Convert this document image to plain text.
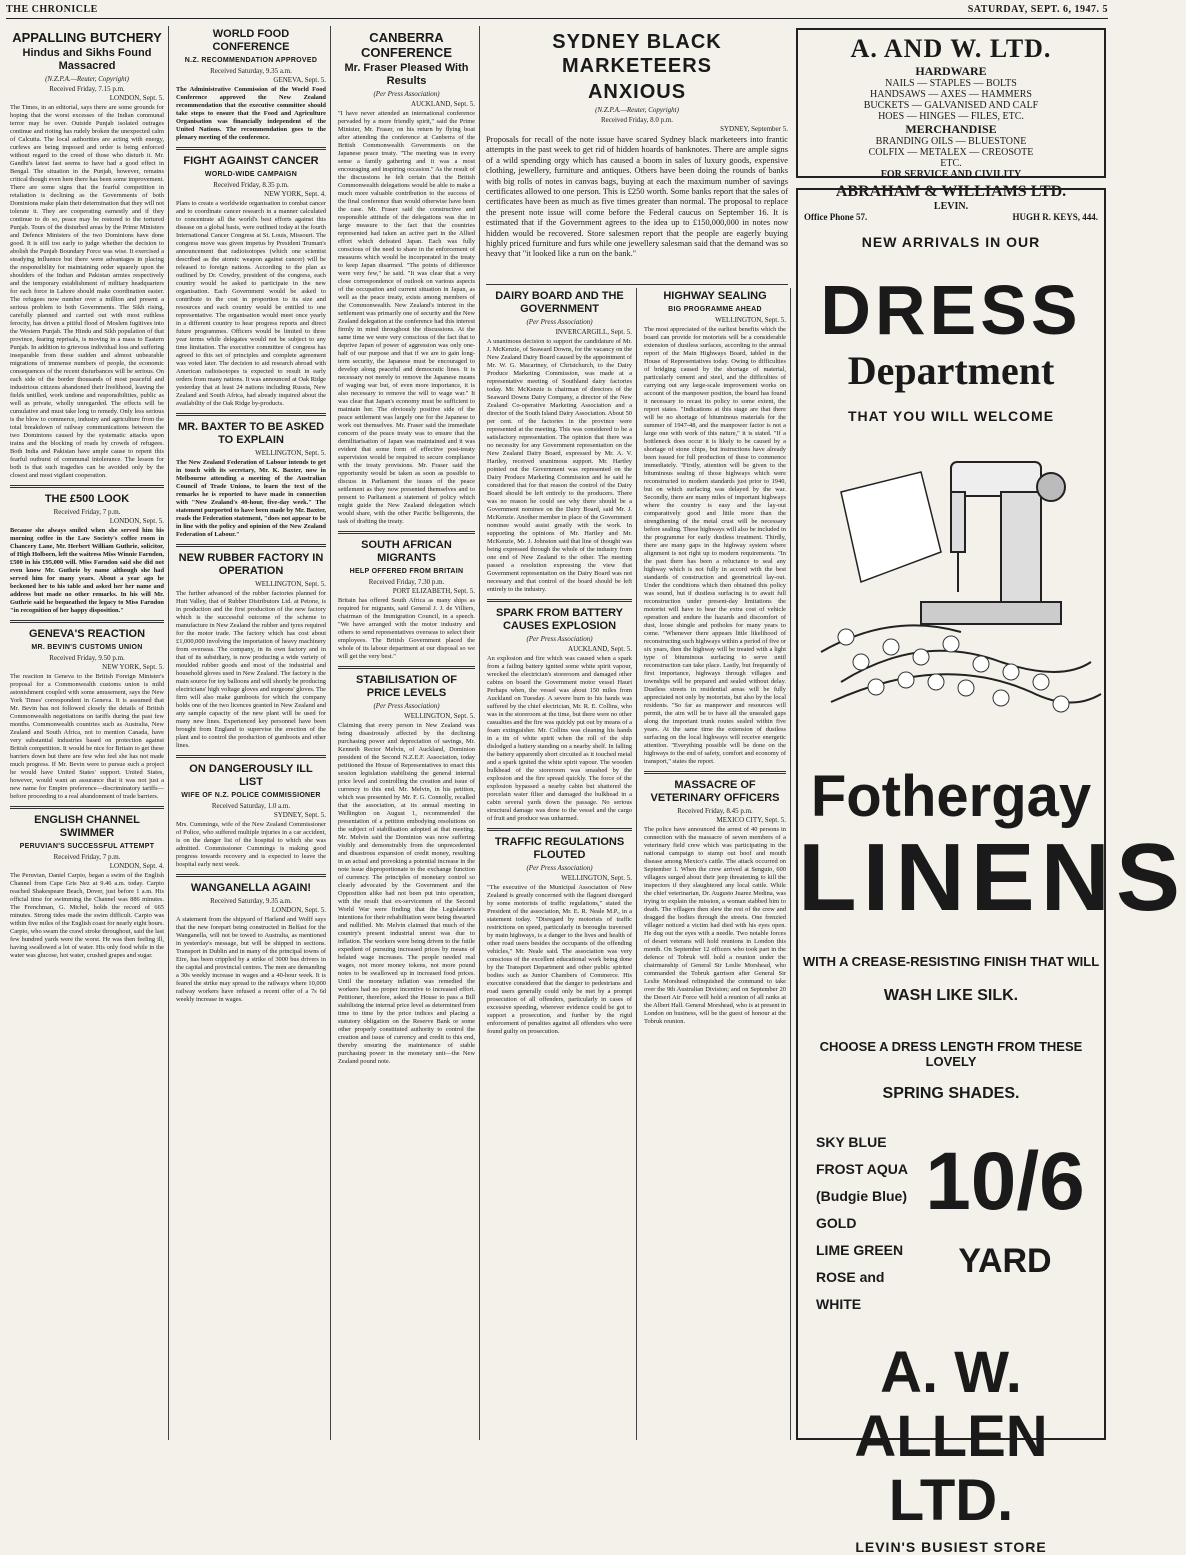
THE CHRONICLE	SATURDAY, SEPT. 6, 1947. 5
APPALLING BUTCHERY
Hindus and Sikhs Found Massacred
(N.Z.P.A.—Reuter, Copyright)
Received Friday, 7.15 p.m.
LONDON, Sept. 5.
The Times, in an editorial, says there are some grounds for hoping that the worst excesses of the Indian communal terror may be over. Outside Punjab isolated outrages continue and rioting has rudely broken the unexpected calm of Calcutta. The local authorities are acting with energy, curfews are being imposed and order is being enforced without regard to the creed of those who disturb it. Mr. Gandhi's latest fast seems to have had a good effect in Bengal. The situation in the Punjab, however, remains critical though even here there has been some improvement. There are some signs that the fearful competition in retaliation is declining as the Governments of both Dominions make plain their determination that they will not tolerate it. They are cooperating earnestly and if they continue to do so, peace may be restored to the tortured Punjab. Tours of the disturbed areas by the Prime Ministers and Defence Ministers of the two Dominions have done good. It is still too early to judge whether the decision to abolish the Punjab Boundary Force was wise. It exercised a steadying influence but there were advantages in placing the responsibility for maintaining order squarely upon the shoulders of the Indian and Pakistan armies respectively and the temporary establishment of military headquarters for each force in Lahore should make coordination easier. The refugees now number over a million and present a serious problem to both Governments. The Sikh rising, carefully planned and carried out with most ruthless ferocity, has driven a pitiful flood of Moslem fugitives into the Western Punjab. The Hindu and Sikh population of that province, fearing reprisals, is moving in a mass to Eastern Punjab. In addition to grievous individual loss and suffering inseparable from these sudden and almost unbearable migrations of immense numbers of people, the economic consequences of the recent disturbances will be serious. On each side of the border thousands of most peaceful and industrious citizens abandoned their livelihood, leaving the fields untilled, work undone and responsibilities, public as well as private, wholly unregarded. The effects will be cumulative and must take long to remedy. Only less serious is the blow to commerce, industry and agriculture from the total breakdown of railway communications between the two Dominions caused by the systematic attacks upon trains and the blocking of roads by crowds of refugees. Both India and Pakistan have ample cause to repent this fearful outburst of communal intolerance. The lesson for both is that such tragedies can be avoided only by the closest and most vigilant cooperation.
THE £500 LOOK
Received Friday, 7 p.m.
LONDON, Sept. 5.
Because she always smiled when she served him his morning coffee in the Law Society's coffee room in Chancery Lane, Mr. Herbert William Guthrie, solicitor, of High Holborn, left the waitress Miss Winnie Farndon, £500 in his £95,000 will. Miss Farndon said she did not even know Mr. Guthrie by name although she had served him for many years. About a year ago he beckoned her to his table and asked her her name and address but made no other remarks. In his will Mr. Guthrie said he bequeathed the legacy to Miss Farndon "in recognition of her happy disposition."
GENEVA'S REACTION
MR. BEVIN'S CUSTOMS UNION
Received Friday, 9.50 p.m.
NEW YORK, Sept. 5.
The reaction in Geneva to the British Foreign Minister's proposal for a Commonwealth customs union is mild astonishment coupled with some amusement, says the New York Times' correspondent in Geneva. It is assumed that Mr. Bevin has not followed closely the details of British Commonwealth negotiations on tariffs during the past few months. Commonwealth countries such as Australia, New Zealand and South Africa, not to mention Canada, have very substantial industries based on protection against British competition. It would be nice for Britain to get these barriers down but there are few who feel she has not made much progress. If Mr. Bevin were to pursue such a project he would have United States' support. United States, however, would want an assurance that it was not just a new name for Empire preference—discriminatory tariffs—before proceeding to a real abandonment of trade barriers.
ENGLISH CHANNEL SWIMMER
PERUVIAN'S SUCCESSFUL ATTEMPT
Received Friday, 7 p.m.
LONDON, Sept. 4.
The Peruvian, Daniel Carpio, began a swim of the English Channel from Cape Gris Nez at 9.46 a.m. today. Carpio reached Shakespeare Beach, Dover, just before 1 a.m. His official time for swimming the Channel was 886 minutes. The Frenchman, G. Michel, holds the record of 665 minutes. Strong tides made the swim difficult. Carpio was within five miles of the English coast for nearly eight hours. Carpio, who swam the crawl stroke throughout, said the last few hundred yards were the worst. He was then feeling ill, having swallowed a lot of water. His only food while in the water was glucose, hot water, crushed grapes and sugar.
WORLD FOOD CONFERENCE
N.Z. RECOMMENDATION APPROVED
Received Saturday, 9.35 a.m.
GENEVA, Sept. 5.
The Administrative Commission of the World Food Conference approved the New Zealand recommendation that the executive committee should take steps to ensure that the Food and Agriculture Organisation was financially independent of the United Nations. The recommendation goes to the plenary meeting of the conference.
FIGHT AGAINST CANCER
WORLD-WIDE CAMPAIGN
Received Friday, 8.35 p.m.
NEW YORK, Sept. 4.
Plans to create a worldwide organisation to combat cancer and to coordinate cancer research in a manner calculated to concentrate all the world's best efforts against this disease on a global basis, were outlined today at the fourth International Cancer Congress at St. Louis, Missouri. The congress move was given impetus by President Truman's announcement that radioisotopes (which one scientist described as the atomic weapon against cancer) will be released to foreign nations. According to the plan as outlined by Dr. Cowdry, president of the congress, each country would be asked to participate in the new organisation. Each Government would be asked to contribute to the cost in proportion to its size and resources and each country would be entitled to one representative. The organisation would meet once yearly in a different country to hear progress reports and direct future programmes. Officers would be limited to three year terms while delegates would not be subject to any time limitation. The executive committee of congress has agreed to this set of principles and complete agreement was voted later. The decision to aid research abroad with American radioisotopes is expected to result in early orders from many nations. It was announced at Oak Ridge yesterday that at least 24 nations including Russia, New Zealand and South Africa, had already inquired about the availability of the Oak Ridge by-products.
MR. BAXTER TO BE ASKED TO EXPLAIN
WELLINGTON, Sept. 5.
The New Zealand Federation of Labour intends to get in touch with its secretary, Mr. K. Baxter, now in Melbourne attending a meeting of the Australian Council of Trade Unions, to learn the text of the remarks he is reported to have made in connection with "New Zealand's 40-hour, five-day week." The statement purported to have been made by Mr. Baxter, reads the Federation statement, "does not appear to be in line with the policy and opinion of the New Zealand Federation of Labour."
NEW RUBBER FACTORY IN OPERATION
WELLINGTON, Sept. 5.
The further advanced of the rubber factories planned for Hutt Valley, that of Rubber Distributors Ltd. at Petone, is in production and the first production of the new factory which is the successful outcome of the scheme to manufacture in New Zealand the rubber and tyres required for the motor trade. The factory which has cost about £1,000,000 involving the importation of heavy machinery from overseas. The company, in its own factory and in that of its subsidiary, is now producing a wide variety of moulded rubber goods and most of the industrial and household gloves used in New Zealand. The factory is the main source for toy balloons and will shortly be producing electricians' high voltage gloves and surgeons' gloves. The firm will also make gumboots for which the company holds one of the two licences granted in New Zealand and any sample capacity of the new plant will be used for many new lines. Experienced key personnel have been brought from England to supervise the erection of the plant and to control the production of gumboots and other lines.
ON DANGEROUSLY ILL LIST
WIFE OF N.Z. POLICE COMMISSIONER
Received Saturday, 1.0 a.m.
SYDNEY, Sept. 5.
Mrs. Cummings, wife of the New Zealand Commissioner of Police, who suffered multiple injuries in a car accident, is on the danger list of the hospital to which she was admitted. Commissioner Cummings is making good progress towards recovery and is expected to leave the hospital early next week.
WANGANELLA AGAIN!
Received Saturday, 9.35 a.m.
LONDON, Sept. 5.
A statement from the shipyard of Harland and Wolff says that the new forepart being constructed in Belfast for the Wanganella, will not be towed to Australia, as mentioned in yesterday's message, but will be shipped in sections. Transport in Dublin and in many of the principal towns of Eire, has been crippled by a strike of 3000 bus drivers in the capital and provincial centres. The men are demanding a 30s weekly increase in wages and a 40-hour week. It is feared the strike may spread to the railways where 10,000 railway workers have refused a recent offer of a 7s 6d weekly increase in wages.
CANBERRA CONFERENCE
Mr. Fraser Pleased With Results
(Per Press Association)
AUCKLAND, Sept. 5.
"I have never attended an international conference pervaded by a more friendly spirit," said the Prime Minister, Mr. Fraser, on his return by flying boat after attending the conference at Canberra of the British Commonwealth Governments on the Japanese peace treaty. "The meeting was in every sense a family gathering and it was a most encouraging and inspiring occasion." As the result of the discussions he felt certain that the British Commonwealth delegations would be able to make a much more valuable contribution to the success of the final conference than would otherwise have been the case. Mr. Fraser said the constructive and responsible attitude of the delegations was due in large measure to the fact that the countries represented had taken an active part in the Allied effort which defeated Japan. Each was fully conscious of the need to share in the enforcement of measures which would be incorporated in the treaty to keep Japan disarmed. "The points of difference were very few," he said. "It was clear that a very close correspondence of outlook on various aspects of the occupation and current situation in Japan, as well as the peace treaty, exists among members of the Commonwealth. New Zealand's interest in the settlement was primarily one of security and the New Zealand delegation at the conference had this interest firmly in mind throughout the discussions. At the same time we were very conscious of the fact that to deprive Japan of power of aggression was only one-half of our purpose and that if we are to gain long-term security, the Japanese must be encouraged to develop along peaceful and democratic lines. It is necessary not merely to remove the Japanese means of waging war but, of even more importance, it is also necessary to remove the will to wage war." It was clear that Japan's economy must be sufficient to maintain her. The obviously positive side of the peace settlement was largely one for the Japanese to work out themselves. Mr. Fraser said the immediate concern of the peace treaty was to ensure that the demilitarisation of Japan was maintained and it was evident that some form of effective post-treaty supervision would be required to secure compliance with the treaty provisions. Mr. Fraser said the opportunity would be taken as soon as possible to discuss in Parliament the issues of the peace settlement as they now presented themselves and to present to Parliament a statement of policy which might guide the New Zealand delegation which would share, with the other Pacific belligerents, the task of drafting the treaty.
SOUTH AFRICAN MIGRANTS
HELP OFFERED FROM BRITAIN
Received Friday, 7.30 p.m.
PORT ELIZABETH, Sept. 5.
Britain has offered South Africa as many ships as required for migrants, said General J. J. de Villiers, chairman of the Immigration Council, in a speech. "We have arranged with the motor industry and others to send representatives overseas to select their employees. The British Government placed the whole of its labour department at our disposal so we will get the very best."
STABILISATION OF PRICE LEVELS
(Per Press Association)
WELLINGTON, Sept. 5.
Claiming that every person in New Zealand was being disastrously affected by the declining purchasing power and depreciation of savings, Mr. Kenneth Rector Melvin, of Auckland, Dominion president of the Second N.Z.E.F. Association, today petitioned the House of Representatives to enact this session legislation stabilising the general internal price level and controlling the creation and issue of currency to this end. Mr. Melvin, in his petition, which was presented by Mr. F. G. Connolly, recalled that the association, at its annual meeting in Wellington on August 1, recommended the presentation of a petition embodying resolutions on the subject of stabilisation adopted at that meeting. Mr. Melvin said the Dominion was now suffering visibly and demonstrably from the unprecedented and disastrous expansion of credit money, resulting in an actual and provoking a potential increase in the note issue disproportionate to the exchange function of currency. The principles of monetary control so clearly advocated by the Government and the Opposition alike had not been put into operation, with the result that ex-servicemen of the Second World War were finding that the Legislature's intentions for their rehabilitation were being thwarted and nullified. Mr. Melvin claimed that much of the country's present industrial unrest was due to inflation. The workers were being driven to the futile expedient of pursuing increased prices by means of belated wage increases. The people needed real wages, not more money tokens, not more pound notes to be swallowed up in increased food prices. Until the monetary inflation was remedied the workers had no proper incentive to increased effort. Petitioner, therefore, asked the House to pass a Bill stabilising the internal price level as determined from time to time by the price indices and placing a statutory obligation on the Reserve Bank or some other properly constituted authority to control the creation and issue of currency and credit to this end, thereby ensuring the maintenance of stable purchasing power in the monetary unit—the New Zealand pound note.
SYDNEY BLACK MARKETEERS
ANXIOUS
(N.Z.P.A.—Reuter, Copyright)
Received Friday, 8.0 p.m.
SYDNEY, September 5.
Proposals for recall of the note issue have scared Sydney black marketeers into frantic attempts in the past week to get rid of hidden hoards of banknotes. There are ample signs of a wild spending orgy which has caused a boom in sales of luxury goods, expensive clothing, jewellery, furniture and antiques. Others have been doing the rounds of banks with big rolls of notes in canvas bags, buying at each the maximum number of savings certificates allowed to one person. This is £250 worth. Some banks report that the sales of certificates have been as much as five times greater than normal. The proposal to replace the present note issue will come before the Federal caucus on September 16. It is estimated that if the Government agrees to the idea up to £150,000,000 in notes now hidden would be recovered. Store salesmen report that the people are eagerly buying highly priced furniture and furs while one jewellery salesman said that the demand was so heavy that "it looked like a run on the bank."
DAIRY BOARD AND THE GOVERNMENT
(Per Press Association)
INVERCARGILL, Sept. 5.
A unanimous decision to support the candidature of Mr. J. McKenzie, of Seaward Downs, for the vacancy on the New Zealand Dairy Board caused by the appointment of Mr. W. G. Macartney, of Christchurch, to the Dairy Produce Marketing Commission, was made at a representative meeting of Southland dairy factories today. Mr. McKenzie is chairman of directors of the Seaward Downs Dairy Company, a director of the New Zealand Co-operative Marketing Association and a director of the South Island Dairy Association. About 50 per cent. of the factories in the province were represented at the meeting. This was considered to be a satisfactory representation. The opinion that there was no necessity for any Government representation on the New Zealand Dairy Board, expressed by Mr. A. V. Hartley, received unanimous support. Mr. Hartley pointed out the Government was represented on the Dairy Produce Marketing Commission and he said he considered that for that reason the control of the Dairy Board should be left entirely to the producers. There was no reason he could see why there should be a Government nominee on the Dairy Board, said Mr. J. McKenzie. Another member in place of the Government nominee would assist greatly with the work. In supporting the opinions of Mr. Hartley and Mr. McKenzie, Mr. J. Johnston said that line of thought was being expressed through the whole of the industry from one end of New Zealand to the other. The meeting passed a resolution expressing the view that Government representation on the Dairy Board was not necessary and that control of the board should be left entirely to the industry.
SPARK FROM BATTERY CAUSES EXPLOSION
(Per Press Association)
AUCKLAND, Sept. 5.
An explosion and fire which was caused when a spark from a failing battery ignited some white spirit vapour, wrecked the electrician's storeroom and damaged other cabins on board the Government motor vessel Hauri Perhaps when, the vessel was about 150 miles from Auckland on Tuesday. A severe burn to his hands was suffered by the chief electrician, Mr. R. E. Collins, who was in the storeroom at the time, but there were no other casualties and the fire was quickly put out by means of a foam extinguisher. Mr. Collins was cleaning his hands in a tin of white spirit when the roll of the ship dislodged a battery standing on a nearby shelf. In falling the battery apparently short circuited as it touched metal and a spark ignited the white spirit vapour. The wooden bulkhead of the storeroom was smashed by the explosion and the fire spread quickly. The force of the explosion bypassed a nearby cabin but shattered the porcelain water filter and damaged the bulkhead in a cabin several yards down the passage. No serious structural damage was done to the vessel and the cargo of fruit and produce was unharmed.
TRAFFIC REGULATIONS FLOUTED
(Per Press Association)
WELLINGTON, Sept. 5.
"The executive of the Municipal Association of New Zealand is greatly concerned with the flagrant disregard by some motorists of traffic regulations," stated the President of the association, Mr. E. R. Neale M.P., in a statement today. "Disregard by motorists of traffic restrictions on speed, particularly in boroughs traversed by main highways, is a danger to the lives and health of other road users besides the occupants of the offending vehicles," Mr. Neale said. The association was very conscious of the excellent educational work being done by the Transport Department and other public spirited bodies such as Junior Chambers of Commerce. His executive considered that the danger to pedestrians and road users generally could only be met by a prompt prosecution of all offenders, particularly in cases of excessive speeding, wherever evidence could be got to support a prosecution, and further by the rigid enforcement of penalties against all offenders who were found guilty on prosecution.
HIGHWAY SEALING
BIG PROGRAMME AHEAD
WELLINGTON, Sept. 5.
The most appreciated of the earliest benefits which the board can provide for motorists will be a considerable extension of dustless surfaces, according to the annual report of the Main Highways Board, tabled in the House of Representatives today. Owing to difficulties of bridging caused by the shortage of material, particularly cement and steel, and the difficulties of carrying out any large-scale improvement works on account of the manpower position, the board has found it necessary to recast its policy to some extent, the report states. "Indications at this stage are that there will be no shortage of bituminous materials for the summer of 1947-48, and the manpower factor is not a large one with work of this nature," it is stated. "If a bottleneck does occur it is likely to be caused by a shortage of stone chips, but instructions have already been issued for full production of these to commence immediately. "Firstly, attention will be given to the bituminous sealing of those highways which were reconstructed to modern standards just prior to 1940, but on which surfacing was delayed by the war. Secondly, there are many miles of important highways where the country is easy and the lay-out comparatively good and little more than the strengthening of the metal crust will be necessary before sealing. These highways will also be included in the programme for early dustless treatment. Thirdly, there are many gaps in the highway system where alignment is not right up to modern requirements. "In the past there has been a reluctance to seal any highway which is not fully in accord with the best standards of construction and geometrical lay-out. Under the conditions which then obtained this policy was sound, but if dustless surfacing is to await full reconstruction under present-day limitations the motorist will have to bear the extra cost of vehicle operation and endure the hazards and discomfort of dust, loose shingle and potholes for many years to come. "Whenever there appears little likelihood of reconstructing such highways within a period of five or six years, then the highway will be treated with a light type of bituminous surfacing to serve until reconstruction can take place. Lastly, but frequently of first importance, highways through villages and townships will be prepared and sealed without delay. Dustless streets in residential areas will be fully appreciated not only by motorists, but also by the local residents. "So far as manpower and resources will permit, the aim will be to have all the unsealed gaps along the important trunk routes sealed within five years. At the same time the extension of dustless surfacing on the local highways will receive energetic attention. "Everything possible will be done on the highways to the end of safety, comfort and economy of transport," states the report.
MASSACRE OF VETERINARY OFFICERS
Received Friday, 8.45 p.m.
MEXICO CITY, Sept. 5.
The police have announced the arrest of 40 persons in connection with the massacre of seven members of a veterinary field crew which was participating in the national campaign to stamp out hoof and mouth disease among Mexico's cattle. The attack occurred on September 1. When the crew arrived at Senguio, 600 villagers surged about their jeep threatening to kill the inspectors if they slaughtered any local cattle. While the chief veterinarian, Dr. Augusto Juarez Medina, was trying to explain the mission, a woman stabbed him to death. The villagers then slew the rest of the crew and dragged the bodies through the streets. One frenzied villager noticed a victim had died with his eyes open. He dug out the eyes with a needle. Two notable forces of desert veterans will hold reunions in London this month. On September 12 officers who took part in the defence of Tobruk will hold a reunion under the chairmanship of General Sir Leslie Morshead, who commanded the Tobruk garrison after General Sir Leslie Morshead relinquished the command to take over the 9th Australian Division; and on September 20 the Desert Air Force will hold a reunion of all ranks at the Albert Hall. General Morshead, who is at present in London on business, will be the guest of honour at the Tobruk reunion.
A. AND W. LTD.
HARDWARE
NAILS — STAPLES — BOLTS
HANDSAWS — AXES — HAMMERS
BUCKETS — GALVANISED AND CALF
HOES — HINGES — FILES, ETC.
MERCHANDISE
BRANDING OILS — BLUESTONE
COLFIX — METALEX — CREOSOTE
ETC.
FOR SERVICE AND CIVILITY
ABRAHAM & WILLIAMS LTD.
LEVIN.
Office Phone 57.	HUGH R. KEYS, 444.
NEW ARRIVALS IN OUR
DRESS
Department
THAT YOU WILL WELCOME
Fothergay
LINENS
WITH A CREASE-RESISTING FINISH THAT WILL
WASH LIKE SILK.
CHOOSE A DRESS LENGTH FROM THESE LOVELY
SPRING SHADES.
SKY BLUE
FROST AQUA
(Budgie Blue)
GOLD
LIME GREEN
ROSE and
WHITE
10/6
YARD
A. W. ALLEN LTD.
LEVIN'S BUSIEST STORE
